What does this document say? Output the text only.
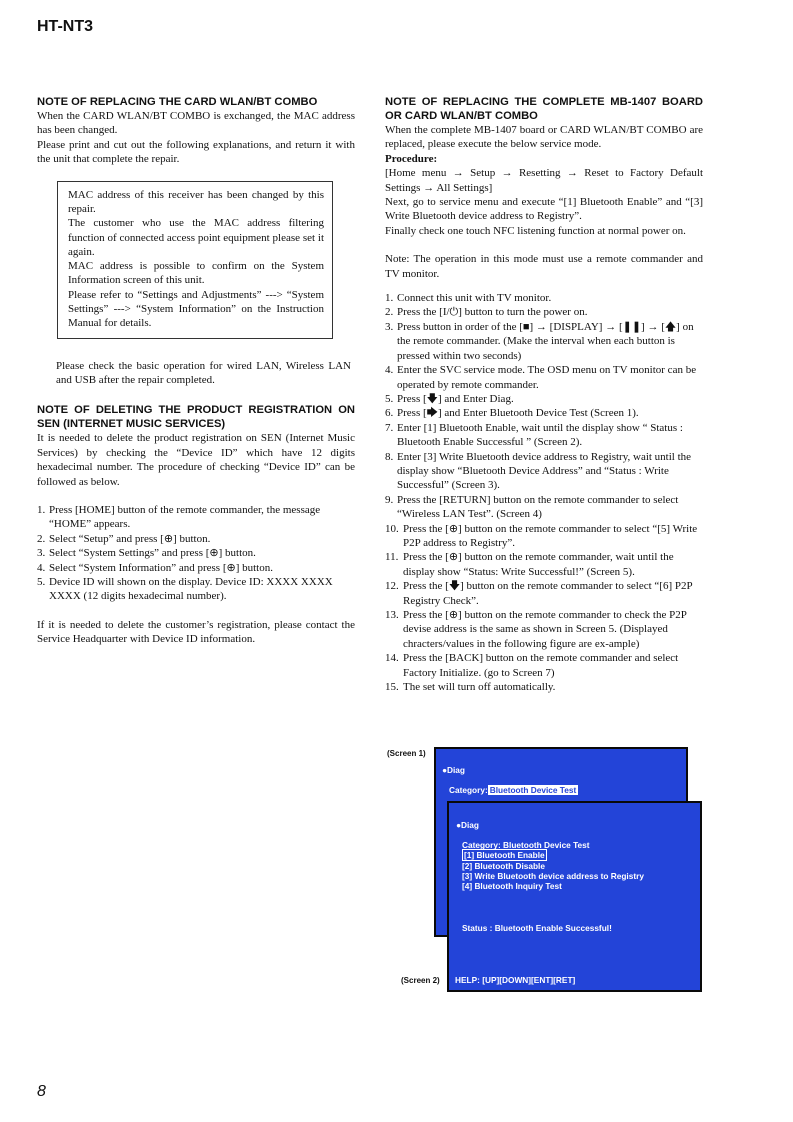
HT-NT3

NOTE OF REPLACING THE CARD WLAN/BT COMBO

When the CARD WLAN/BT COMBO is exchanged, the MAC address has been changed.

Please print and cut out the following explanations, and return it with the unit that complete the repair.

MAC address of this receiver has been changed by this repair.

The customer who use the MAC address filtering function of connected access point equipment please set it again.

MAC address is possible to confirm on the System Information screen of this unit.

Please refer to “Settings and Adjustments” ---> “System Settings” ---> “System Information” on the Instruction Manual for details.

Please check the basic operation for wired LAN, Wireless LAN and USB after the repair completed.

NOTE OF DELETING THE PRODUCT REGISTRATION ON SEN (INTERNET MUSIC SERVICES)

It is needed to delete the product registration on SEN (Internet Music Services) by checking the “Device ID” which have 12 digits hexadecimal number. The procedure of checking “Device ID” can be followed as below.

1. Press [HOME] button of the remote commander, the message “HOME” appears.
2. Select “Setup” and press [⊕] button.
3. Select “System Settings” and press [⊕] button.
4. Select “System Information” and press [⊕] button.
5. Device ID will shown on the display. Device ID: XXXX XXXX XXXX (12 digits hexadecimal number).

If it is needed to delete the customer’s registration, please contact the Service Headquarter with Device ID information.

NOTE OF REPLACING THE COMPLETE MB-1407 BOARD OR CARD WLAN/BT COMBO

When the complete MB-1407 board or CARD WLAN/BT COMBO are replaced, please execute the below service mode.

Procedure:

[Home menu → Setup → Resetting → Reset to Factory Default Settings → All Settings]

Next, go to service menu and execute “[1] Bluetooth Enable” and “[3] Write Bluetooth device address to Registry”.

Finally check one touch NFC listening function at normal power on.

Note: The operation in this mode must use a remote commander and TV monitor.

1. Connect this unit with TV monitor.
2. Press the [I/⏻] button to turn the power on.
3. Press button in order of the [■] → [DISPLAY] → [❚❚] → [🡅] on the remote commander. (Make the interval when each button is pressed within two seconds)
4. Enter the SVC service mode. The OSD menu on TV monitor can be operated by remote commander.
5. Press [🡇] and Enter Diag.
6. Press [🡆] and Enter Bluetooth Device Test (Screen 1).
7. Enter [1] Bluetooth Enable, wait until the display show “ Status : Bluetooth Enable Successful ” (Screen 2).
8. Enter [3] Write Bluetooth device address to Registry, wait until the display show “Bluetooth Device Address” and “Status : Write Successful” (Screen 3).
9. Press the [RETURN] button on the remote commander to select “Wireless LAN Test”. (Screen 4)
10. Press the [⊕] button on the remote commander to select “[5] Write P2P address to Registry”.
11. Press the [⊕] button on the remote commander, wait until the display show “Status: Write Successful!” (Screen 5).
12. Press the [🡇] button on the remote commander to select “[6] P2P Registry Check”.
13. Press the [⊕] button on the remote commander to check the P2P devise address is the same as shown in Screen 5. (Displayed chracters/values in the following figure are ex-ample)
14. Press the [BACK] button on the remote commander and select Factory Initialize. (go to Screen 7)
15. The set will turn off automatically.
(Screen 1)
●Diag
Category: Bluetooth Device Test
(Screen 2)
●Diag
Category: Bluetooth Device Test
[1] Bluetooth Enable
[2] Bluetooth Disable
[3] Write Bluetooth device address to Registry
[4] Bluetooth Inquiry Test
Status : Bluetooth Enable Successful!
HELP: [UP][DOWN][ENT][RET]
8
